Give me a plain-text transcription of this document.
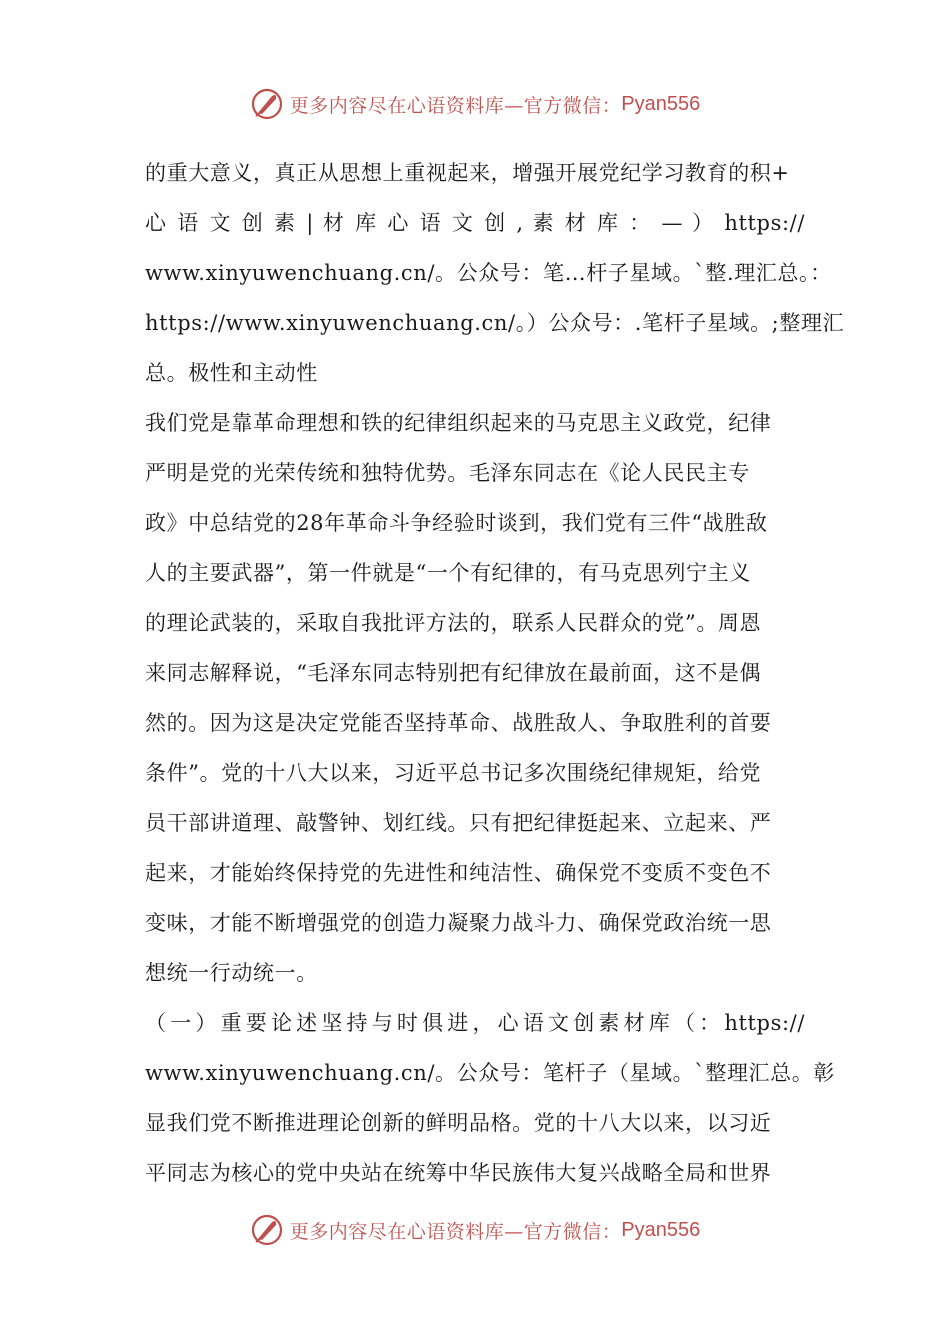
更多内容尽在心语资料库—官方微信： Pyan556
的重大意义，真正从思想上重视起来，增强开展党纪学习教育的积+
心 语 文 创 素 | 材 库 心 语 文 创 , 素 材 库 ： — ） https://
www.xinyuwenchuang.cn/。公众号：笔…杆子星域。`整.理汇总。：
https://www.xinyuwenchuang.cn/。）公众号：.笔杆子星域。;整理汇
总。极性和主动性
我们党是靠革命理想和铁的纪律组织起来的马克思主义政党，纪律
严明是党的光荣传统和独特优势。毛泽东同志在《论人民民主专
政》中总结党的28年革命斗争经验时谈到，我们党有三件“战胜敌
人的主要武器”，第一件就是“一个有纪律的，有马克思列宁主义
的理论武装的，采取自我批评方法的，联系人民群众的党”。周恩
来同志解释说，“毛泽东同志特别把有纪律放在最前面，这不是偶
然的。因为这是决定党能否坚持革命、战胜敌人、争取胜利的首要
条件”。党的十八大以来，习近平总书记多次围绕纪律规矩，给党
员干部讲道理、敲警钟、划红线。只有把纪律挺起来、立起来、严
起来，才能始终保持党的先进性和纯洁性、确保党不变质不变色不
变味，才能不断增强党的创造力凝聚力战斗力、确保党政治统一思
想统一行动统一。
（一）重要论述坚持与时俱进，心语文创素材库（：https://
www.xinyuwenchuang.cn/。公众号：笔杆子（星域。`整理汇总。彰
显我们党不断推进理论创新的鲜明品格。党的十八大以来，以习近
平同志为核心的党中央站在统筹中华民族伟大复兴战略全局和世界
更多内容尽在心语资料库—官方微信： Pyan556
